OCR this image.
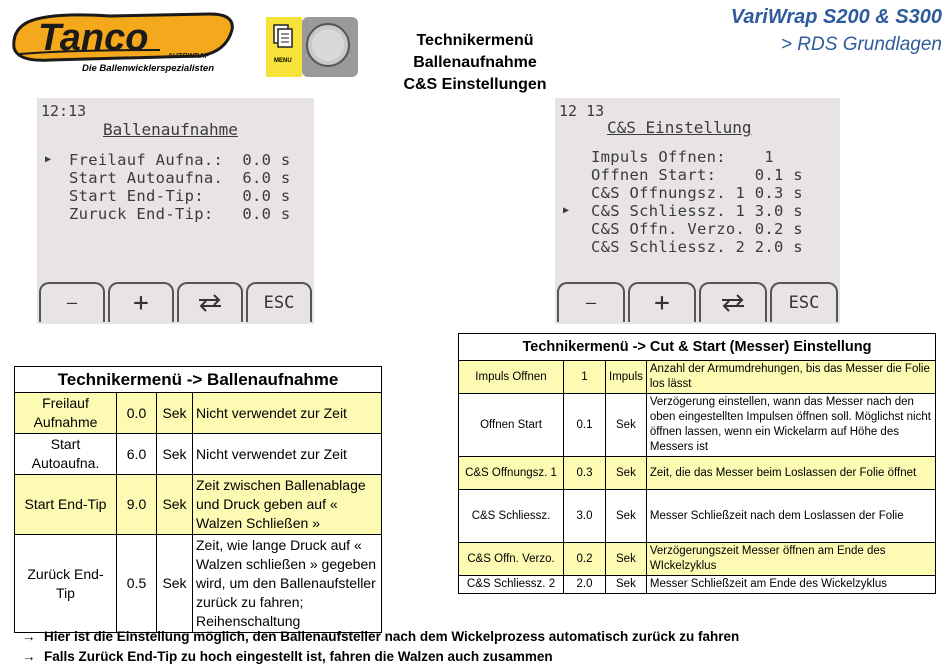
Tanco	AUTOWRAP
Die Ballenwicklerspezialisten
MENU
Technikermenü
Ballenaufnahme
C&S Einstellungen
VariWrap S200 & S300
> RDS Grundlagen
12:13
Ballenaufnahme
▶ Freilauf Aufna.:  0.0 s
Start Autoaufna.  6.0 s
Start End-Tip:    0.0 s
Zuruck End-Tip:   0.0 s
—	+	ESC
12 13
C&S Einstellung
Impuls Offnen:    1
Offnen Start:    0.1 s
C&S Offnungsz. 1 0.3 s
▶ C&S Schliessz. 1 3.0 s
C&S Offn. Verzo. 0.2 s
C&S Schliessz. 2 2.0 s
—	+	ESC
Technikermenü -> Ballenaufnahme			
Freilauf Aufnahme	0.0	Sek	Nicht verwendet zur Zeit
Start Autoaufna.	6.0	Sek	Nicht verwendet zur Zeit
Start End-Tip	9.0	Sek	Zeit zwischen Ballenablage und Druck geben auf « Walzen Schließen »
Zurück End-Tip	0.5	Sek	Zeit, wie lange Druck auf « Walzen schließen » gegeben wird, um den Ballenaufsteller zurück zu fahren; Reihenschaltung
Technikermenü -> Cut & Start (Messer) Einstellung			
Impuls Offnen	1	Impuls	Anzahl der Armumdrehungen, bis das Messer die Folie los lässt
Offnen Start	0.1	Sek	Verzögerung einstellen, wann das Messer nach den oben eingestellten Impulsen öffnen soll. Möglichst nicht öffnen lassen, wenn ein Wickelarm auf Höhe des Messers ist
C&S Offnungsz. 1	0.3	Sek	Zeit, die das Messer beim Loslassen der Folie öffnet
C&S Schliessz.	3.0	Sek	Messer Schließzeit nach dem Loslassen der Folie
C&S Offn. Verzo.	0.2	Sek	Verzögerungszeit Messer öffnen am Ende des WIckelzyklus
C&S Schliessz. 2	2.0	Sek	Messer Schließzeit am Ende des Wickelzyklus
→ Hier ist die Einstellung möglich, den Ballenaufsteller nach dem Wickelprozess automatisch zurück zu fahren
→ Falls Zurück End-Tip zu hoch eingestellt ist, fahren die Walzen auch zusammen
